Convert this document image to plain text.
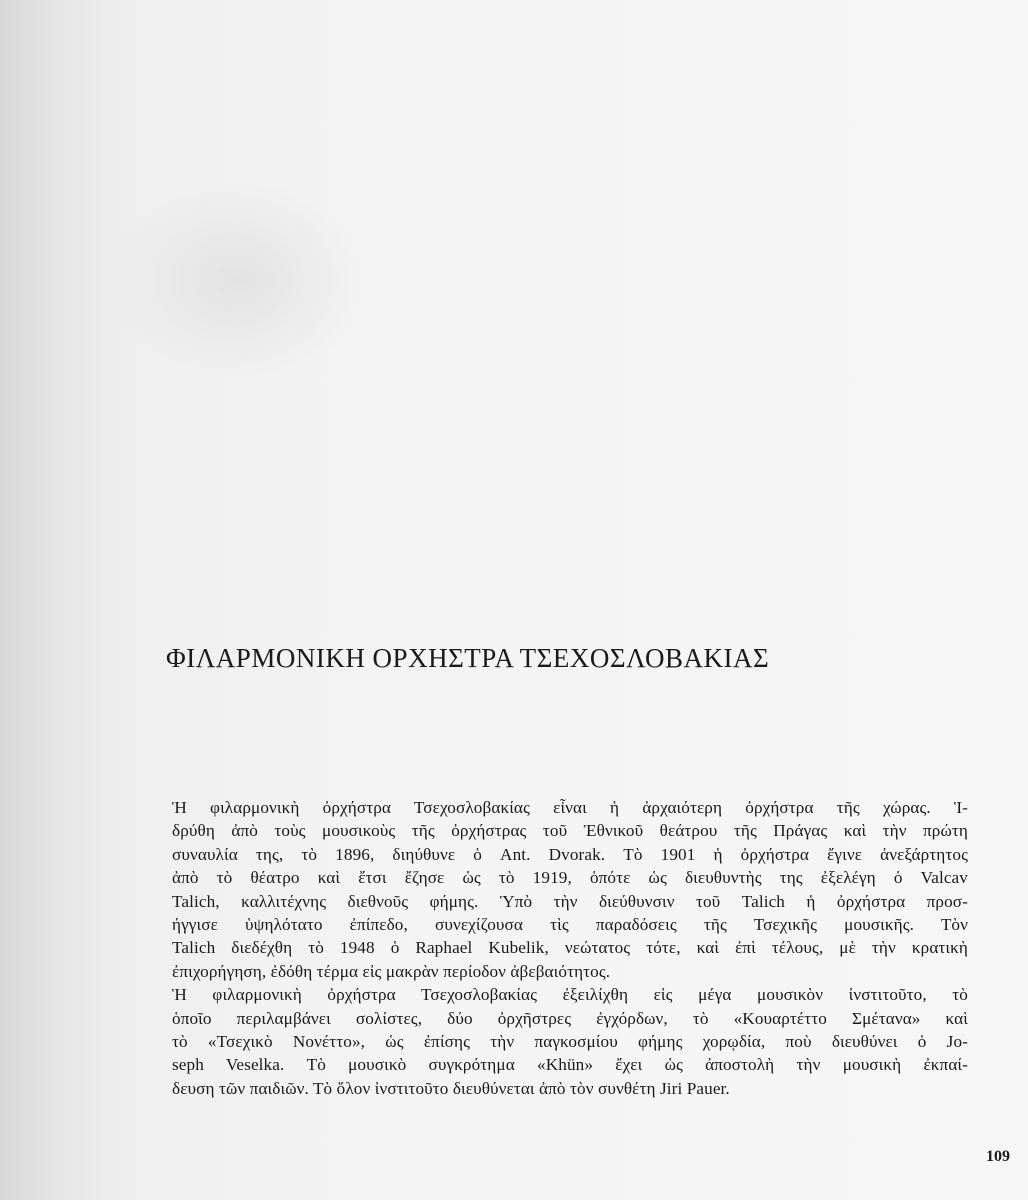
ΦΙΛΑΡΜΟΝΙΚΗ ΟΡΧΗΣΤΡΑ ΤΣΕΧΟΣΛΟΒΑΚΙΑΣ
Ἡ φιλαρμονικὴ ὀρχήστρα Τσεχοσλοβακίας εἶναι ἡ ἀρχαιότερη ὀρχήστρα τῆς χώρας. Ἱ-
δρύθη ἀπὸ τοὺς μουσικοὺς τῆς ὀρχήστρας τοῦ Ἐθνικοῦ θεάτρου τῆς Πράγας καὶ τὴν πρώτη
συναυλία της, τὸ 1896, διηύθυνε ὁ Ant. Dvorak. Τὸ 1901 ἡ ὀρχήστρα ἔγινε ἀνεξάρτητος
ἀπὸ τὸ θέατρο καὶ ἔτσι ἔζησε ὡς τὸ 1919, ὁπότε ὡς διευθυντὴς της ἐξελέγη ὁ Valcav
Talich, καλλιτέχνης διεθνοῦς φήμης. Ὑπὸ τὴν διεύθυνσιν τοῦ Talich ἡ ὀρχήστρα προσ-
ήγγισε ὑψηλότατο ἐπίπεδο, συνεχίζουσα τὶς παραδόσεις τῆς Τσεχικῆς μουσικῆς. Τὸν
Talich διεδέχθη τὸ 1948 ὁ Raphael Kubelik, νεώτατος τότε, καὶ ἐπὶ τέλους, μὲ τὴν κρατικὴ
ἐπιχορήγηση, ἐδόθη τέρμα εἰς μακρὰν περίοδον ἀβεβαιότητος.
Ἡ φιλαρμονικὴ ὀρχήστρα Τσεχοσλοβακίας ἐξειλίχθη εἰς μέγα μουσικὸν ἰνστιτοῦτο, τὸ
ὁποῖο περιλαμβάνει σολίστες, δύο ὀρχῆστρες ἐγχόρδων, τὸ «Κουαρτέττο Σμέτανα» καὶ
τὸ «Τσεχικὸ Νονέττο», ὡς ἐπίσης τὴν παγκοσμίου φήμης χορῳδία, ποὺ διευθύνει ὁ Jo-
seph Veselka. Τὸ μουσικὸ συγκρότημα «Khün» ἔχει ὡς ἀποστολὴ τὴν μουσικὴ ἐκπαί-
δευση τῶν παιδιῶν. Τὸ ὅλον ἰνστιτοῦτο διευθύνεται ἀπὸ τὸν συνθέτη Jiri Pauer.
109
